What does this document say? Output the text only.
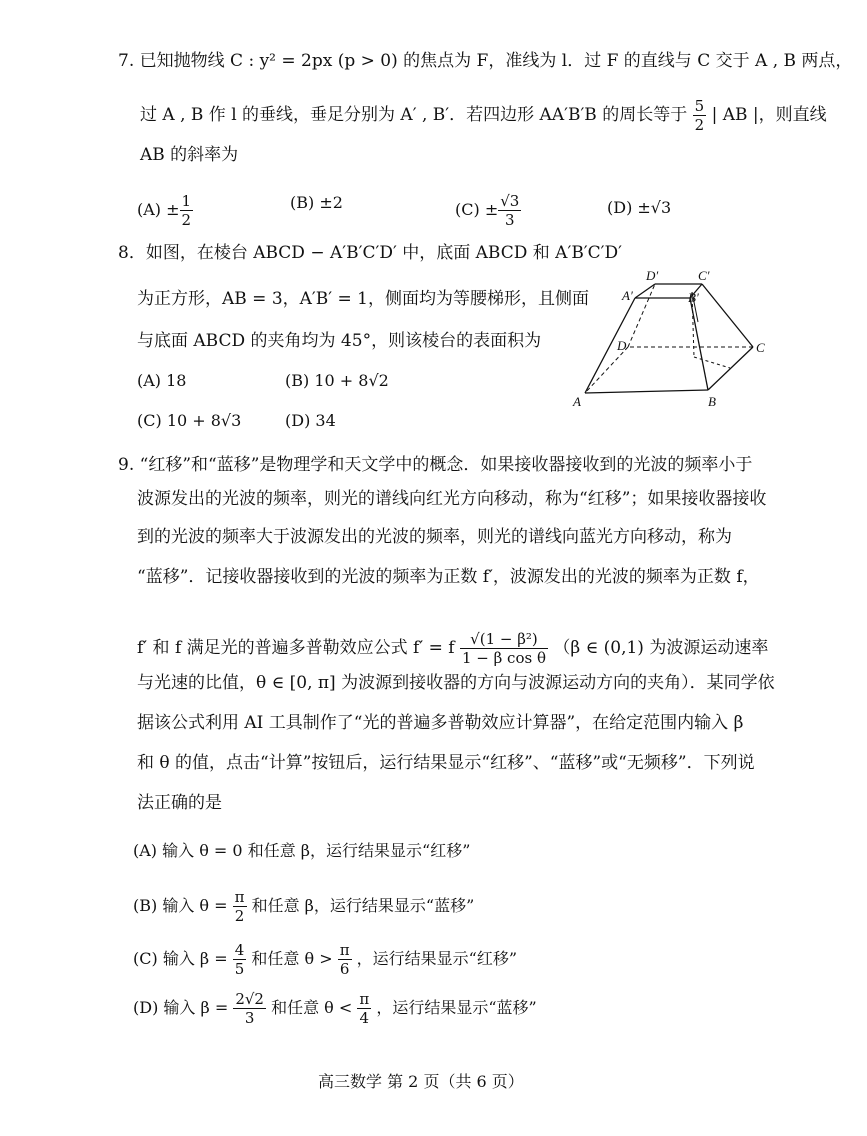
7. 已知抛物线 C : y² = 2px (p > 0) 的焦点为 F，准线为 l．过 F 的直线与 C 交于 A , B 两点，
过 A , B 作 l 的垂线，垂足分别为 A′ , B′．若四边形 AA′B′B 的周长等于 $\frac{5}{2}$ | AB |，则直线
AB 的斜率为
$(A) \pm \frac{1}{2}$	(B) ±2	$(C) \pm \frac{√3}{3}$	(D) ±√3
8．如图，在棱台 ABCD − A′B′C′D′ 中，底面 ABCD 和 A′B′C′D′
为正方形，AB = 3，A′B′ = 1，侧面均为等腰梯形，且侧面
与底面 ABCD 的夹角均为 45°，则该棱台的表面积为
(A) 18	(B) 10 + 8√2
(C) 10 + 8√3	(D) 34
A	B
C
D
A′	B′
C′
D′
9. “红移”和“蓝移”是物理学和天文学中的概念．如果接收器接收到的光波的频率小于
波源发出的光波的频率，则光的谱线向红光方向移动，称为“红移”；如果接收器接收
到的光波的频率大于波源发出的光波的频率，则光的谱线向蓝光方向移动，称为
“蓝移”．记接收器接收到的光波的频率为正数 f′，波源发出的光波的频率为正数 f，
f′ 和 f 满足光的普遍多普勒效应公式 f′ = f $\frac{\text{√(1 − β²)}}{\text{1 − β cos θ}} (\beta$ ∈ (0,1) 为波源运动速率
与光速的比值，θ ∈ [0, π] 为波源到接收器的方向与波源运动方向的夹角）．某同学依
据该公式利用 AI 工具制作了“光的普遍多普勒效应计算器”，在给定范围内输入 β
和 θ 的值，点击“计算”按钮后，运行结果显示“红移”、“蓝移”或“无频移”．下列说
法正确的是
(A) 输入 θ = 0 和任意 β，运行结果显示“红移”
(B) 输入 $\theta = \frac{\pi}{2}$ 和任意 β，运行结果显示“蓝移”
(C) 输入 $\beta = \frac{4}{5}$ 和任意 $\theta > \frac{\pi}{6}$ ，运行结果显示“红移”
(D) 输入 $\beta = \frac{2√2}{3}$ 和任意 $\theta < \frac{\pi}{4}$ ，运行结果显示“蓝移”
高三数学 第 2 页（共 6 页）
